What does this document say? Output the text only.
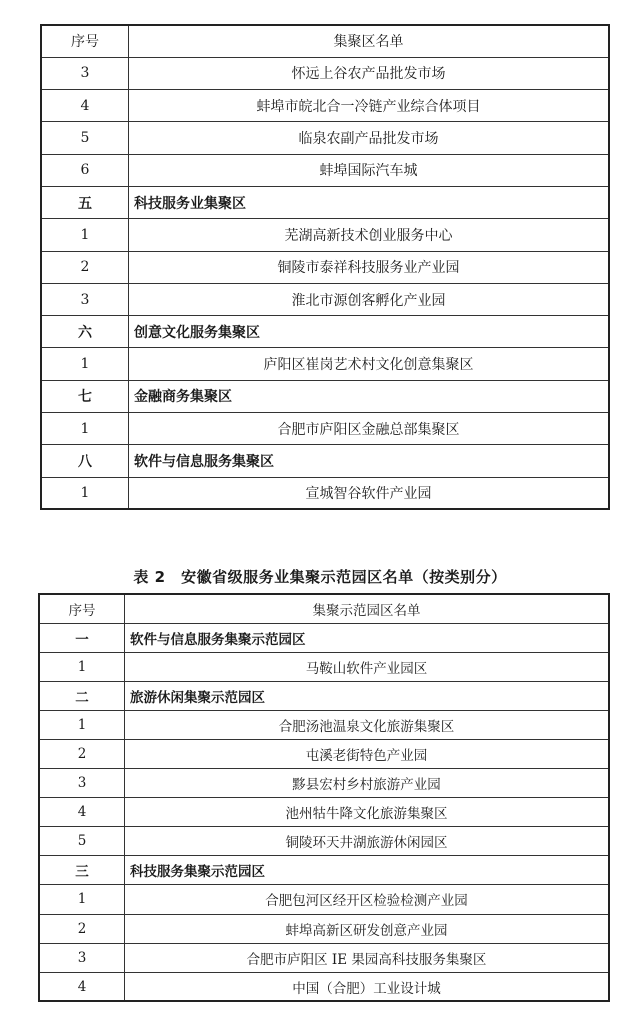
序号	集聚区名单
3	怀远上谷农产品批发市场
4	蚌埠市皖北合一冷链产业综合体项目
5	临泉农副产品批发市场
6	蚌埠国际汽车城
五	科技服务业集聚区
1	芜湖高新技术创业服务中心
2	铜陵市泰祥科技服务业产业园
3	淮北市源创客孵化产业园
六	创意文化服务集聚区
1	庐阳区崔岗艺术村文化创意集聚区
七	金融商务集聚区
1	合肥市庐阳区金融总部集聚区
八	软件与信息服务集聚区
1	宣城智谷软件产业园
表 2　安徽省级服务业集聚示范园区名单（按类别分）
序号	集聚示范园区名单
一	软件与信息服务集聚示范园区
1	马鞍山软件产业园区
二	旅游休闲集聚示范园区
1	合肥汤池温泉文化旅游集聚区
2	屯溪老街特色产业园
3	黟县宏村乡村旅游产业园
4	池州牯牛降文化旅游集聚区
5	铜陵环天井湖旅游休闲园区
三	科技服务集聚示范园区
1	合肥包河区经开区检验检测产业园
2	蚌埠高新区研发创意产业园
3	合肥市庐阳区 IE 果园高科技服务集聚区
4	中国（合肥）工业设计城
